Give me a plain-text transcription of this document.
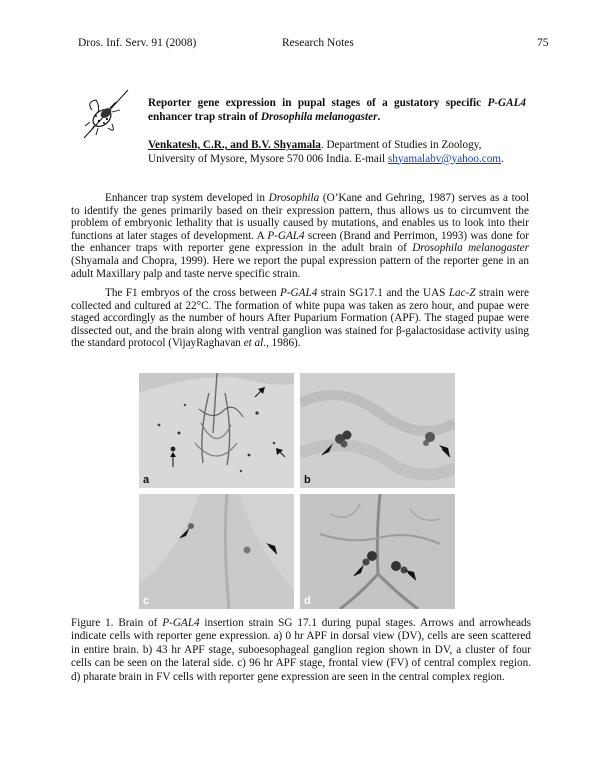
Dros. Inf. Serv. 91 (2008)	Research Notes	75
Reporter gene expression in pupal stages of a gustatory specific P-GAL4 enhancer trap strain of Drosophila melanogaster.
Venkatesh, C.R., and B.V. Shyamala. Department of Studies in Zoology, University of Mysore, Mysore 570 006 India. E-mail shyamalabv@yahoo.com.

Enhancer trap system developed in Drosophila (O’Kane and Gehring, 1987) serves as a tool to identify the genes primarily based on their expression pattern, thus allows us to circumvent the problem of embryonic lethality that is usually caused by mutations, and enables us to look into their functions at later stages of development. A P-GAL4 screen (Brand and Perrimon, 1993) was done for the enhancer traps with reporter gene expression in the adult brain of Drosophila melanogaster (Shyamala and Chopra, 1999). Here we report the pupal expression pattern of the reporter gene in an adult Maxillary palp and taste nerve specific strain.

The F1 embryos of the cross between P-GAL4 strain SG17.1 and the UAS Lac-Z strain were collected and cultured at 22°C. The formation of white pupa was taken as zero hour, and pupae were staged accordingly as the number of hours After Puparium Formation (APF). The staged pupae were dissected out, and the brain along with ventral ganglion was stained for β-galactosidase activity using the standard protocol (VijayRaghavan et al., 1986).

a	b
c	d
Figure 1. Brain of P-GAL4 insertion strain SG 17.1 during pupal stages. Arrows and arrowheads indicate cells with reporter gene expression. a) 0 hr APF in dorsal view (DV), cells are seen scattered in entire brain. b) 43 hr APF stage, suboesophageal ganglion region shown in DV, a cluster of four cells can be seen on the lateral side. c) 96 hr APF stage, frontal view (FV) of central complex region. d) pharate brain in FV cells with reporter gene expression are seen in the central complex region.
